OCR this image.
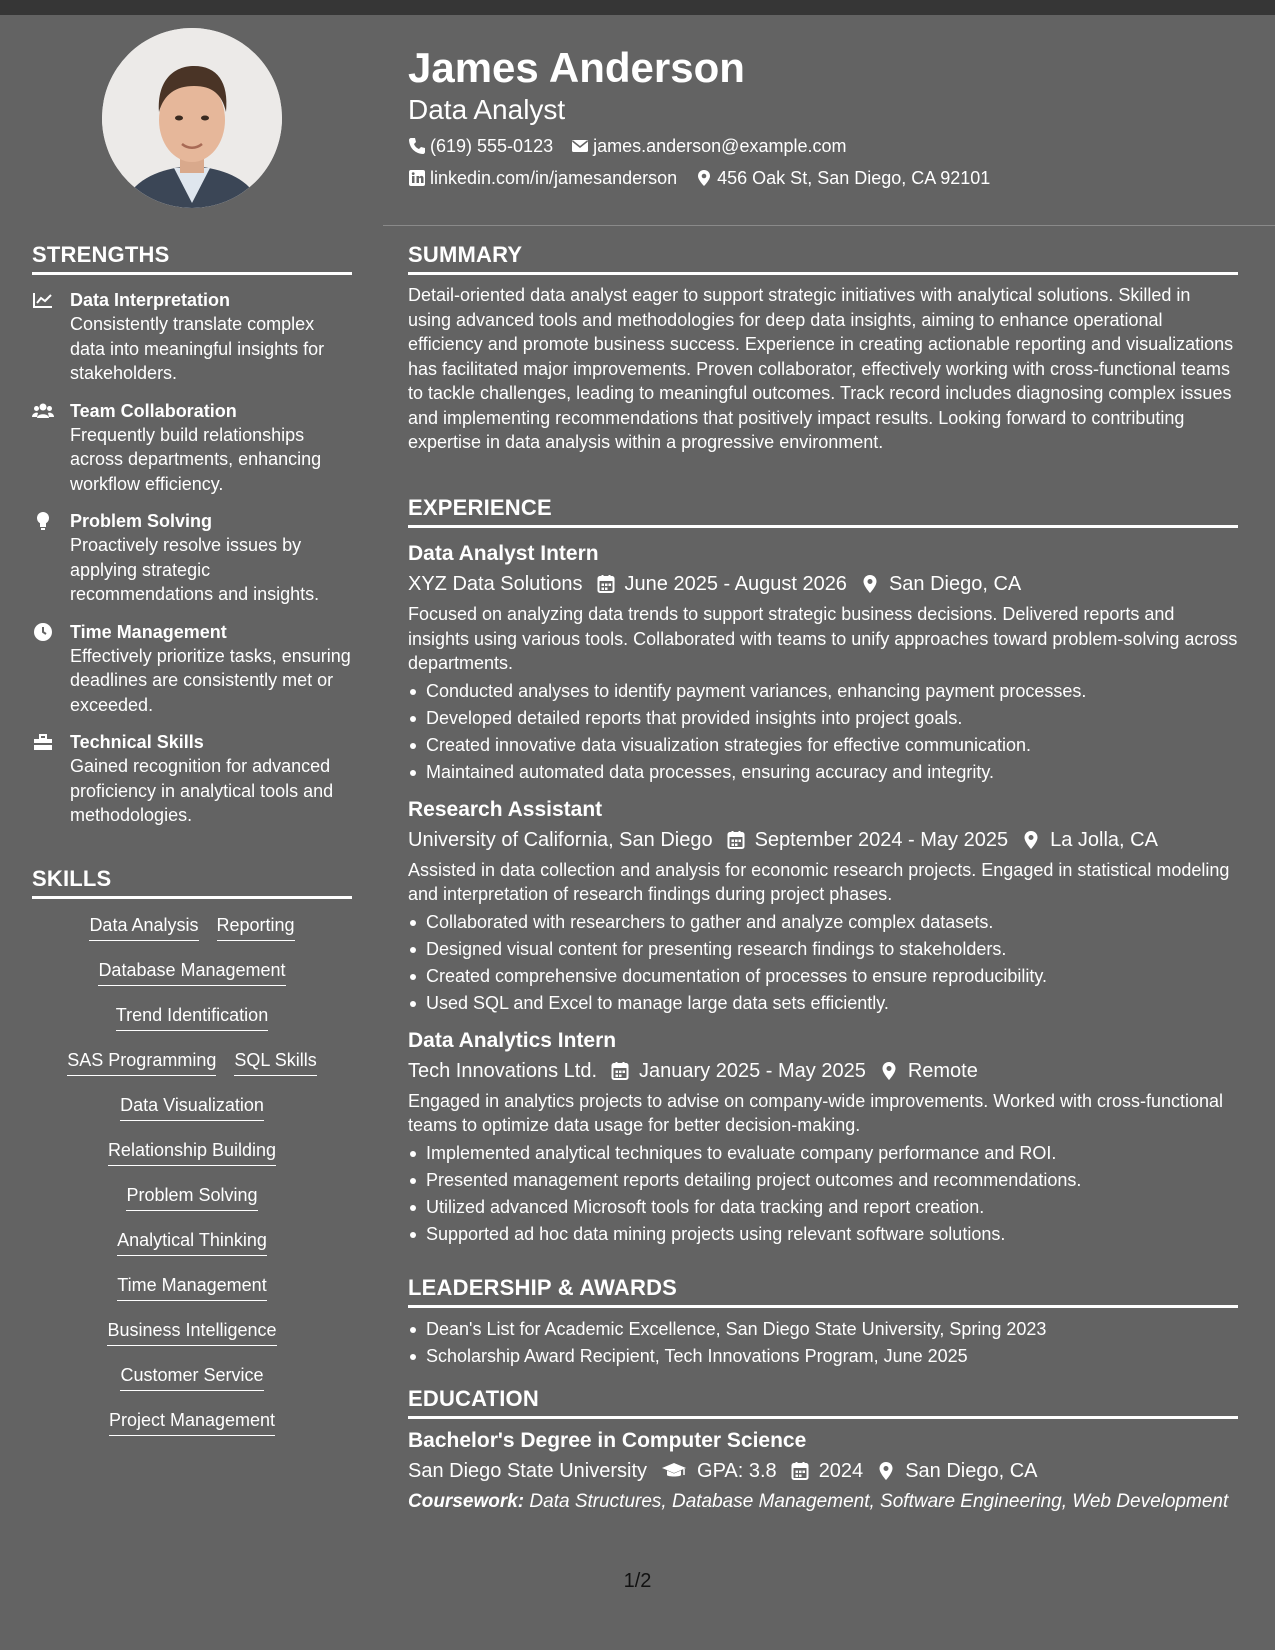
STRENGTHS
Data Interpretation
Consistently translate complex data into meaningful insights for stakeholders.
Team Collaboration
Frequently build relationships across departments, enhancing workflow efficiency.
Problem Solving
Proactively resolve issues by applying strategic recommendations and insights.
Time Management
Effectively prioritize tasks, ensuring deadlines are consistently met or exceeded.
Technical Skills
Gained recognition for advanced proficiency in analytical tools and methodologies.
SKILLS
Data Analysis Reporting
Database Management
Trend Identification
SAS Programming SQL Skills
Data Visualization
Relationship Building
Problem Solving
Analytical Thinking
Time Management
Business Intelligence
Customer Service
Project Management
James Anderson
Data Analyst
(619) 555-0123 james.anderson@example.com
linkedin.com/in/jamesanderson 456 Oak St, San Diego, CA 92101
SUMMARY
Detail-oriented data analyst eager to support strategic initiatives with analytical solutions. Skilled in using advanced tools and methodologies for deep data insights, aiming to enhance operational efficiency and promote business success. Experience in creating actionable reporting and visualizations has facilitated major improvements. Proven collaborator, effectively working with cross-functional teams to tackle challenges, leading to meaningful outcomes. Track record includes diagnosing complex issues and implementing recommendations that positively impact results. Looking forward to contributing expertise in data analysis within a progressive environment.
EXPERIENCE
Data Analyst Intern
XYZ Data Solutions June 2025 - August 2026 San Diego, CA
Focused on analyzing data trends to support strategic business decisions. Delivered reports and insights using various tools. Collaborated with teams to unify approaches toward problem-solving across departments.
Conducted analyses to identify payment variances, enhancing payment processes.
Developed detailed reports that provided insights into project goals.
Created innovative data visualization strategies for effective communication.
Maintained automated data processes, ensuring accuracy and integrity.
Research Assistant
University of California, San Diego September 2024 - May 2025 La Jolla, CA
Assisted in data collection and analysis for economic research projects. Engaged in statistical modeling and interpretation of research findings during project phases.
Collaborated with researchers to gather and analyze complex datasets.
Designed visual content for presenting research findings to stakeholders.
Created comprehensive documentation of processes to ensure reproducibility.
Used SQL and Excel to manage large data sets efficiently.
Data Analytics Intern
Tech Innovations Ltd. January 2025 - May 2025 Remote
Engaged in analytics projects to advise on company-wide improvements. Worked with cross-functional teams to optimize data usage for better decision-making.
Implemented analytical techniques to evaluate company performance and ROI.
Presented management reports detailing project outcomes and recommendations.
Utilized advanced Microsoft tools for data tracking and report creation.
Supported ad hoc data mining projects using relevant software solutions.
LEADERSHIP & AWARDS
Dean's List for Academic Excellence, San Diego State University, Spring 2023
Scholarship Award Recipient, Tech Innovations Program, June 2025
EDUCATION
Bachelor's Degree in Computer Science
San Diego State University	GPA: 3.8 2024 San Diego, CA
Coursework: Data Structures, Database Management, Software Engineering, Web Development
1/2
